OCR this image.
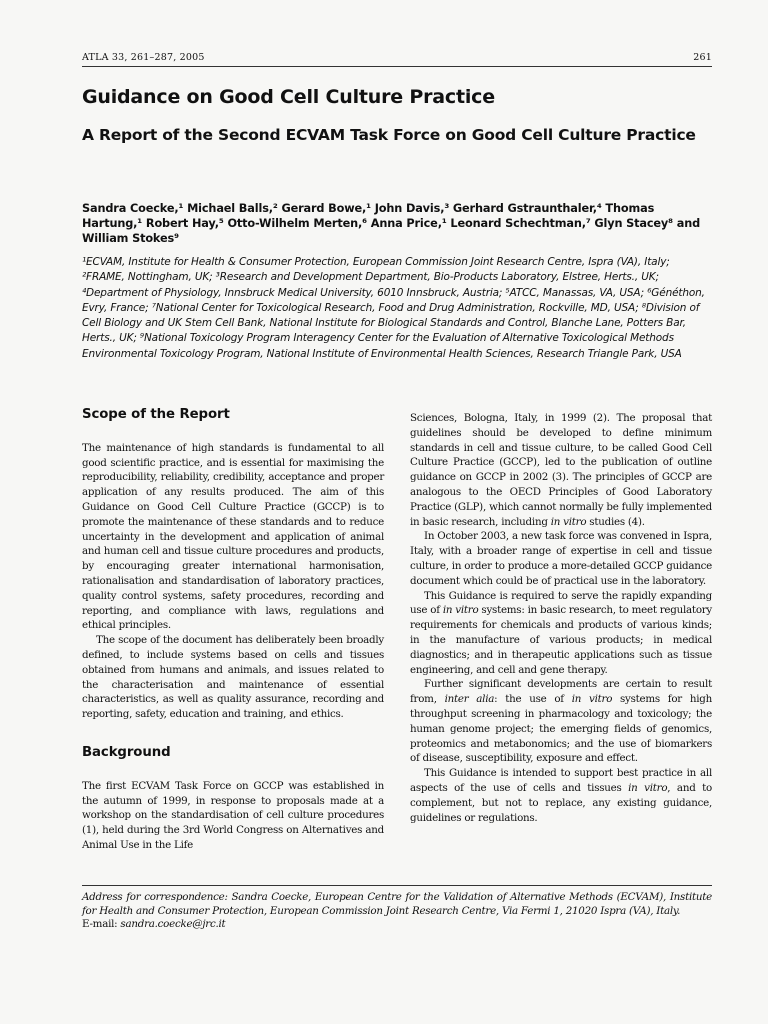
ATLA 33, 261–287, 2005	261
Guidance on Good Cell Culture Practice
A Report of the Second ECVAM Task Force on Good Cell Culture Practice

Sandra Coecke,¹ Michael Balls,² Gerard Bowe,¹ John Davis,³ Gerhard Gstraunthaler,⁴ Thomas Hartung,¹ Robert Hay,⁵ Otto-Wilhelm Merten,⁶ Anna Price,¹ Leonard Schechtman,⁷ Glyn Stacey⁸ and William Stokes⁹

¹ECVAM, Institute for Health & Consumer Protection, European Commission Joint Research Centre, Ispra (VA), Italy; ²FRAME, Nottingham, UK; ³Research and Development Department, Bio-Products Laboratory, Elstree, Herts., UK; ⁴Department of Physiology, Innsbruck Medical University, 6010 Innsbruck, Austria; ⁵ATCC, Manassas, VA, USA; ⁶Généthon, Evry, France; ⁷National Center for Toxicological Research, Food and Drug Administration, Rockville, MD, USA; ⁸Division of Cell Biology and UK Stem Cell Bank, National Institute for Biological Standards and Control, Blanche Lane, Potters Bar, Herts., UK; ⁹National Toxicology Program Interagency Center for the Evaluation of Alternative Toxicological Methods Environmental Toxicology Program, National Institute of Environmental Health Sciences, Research Triangle Park, USA

Scope of the Report

The maintenance of high standards is fundamental to all good scientific practice, and is essential for maximising the reproducibility, reliability, credibility, acceptance and proper application of any results produced. The aim of this Guidance on Good Cell Culture Practice (GCCP) is to promote the maintenance of these standards and to reduce uncertainty in the development and application of animal and human cell and tissue culture procedures and products, by encouraging greater international harmonisation, rationalisation and standardisation of laboratory practices, quality control systems, safety procedures, recording and reporting, and compliance with laws, regulations and ethical principles.

The scope of the document has deliberately been broadly defined, to include systems based on cells and tissues obtained from humans and animals, and issues related to the characterisation and maintenance of essential characteristics, as well as quality assurance, recording and reporting, safety, education and training, and ethics.

Background

The first ECVAM Task Force on GCCP was established in the autumn of 1999, in response to proposals made at a workshop on the standardisation of cell culture procedures (1), held during the 3rd World Congress on Alternatives and Animal Use in the Life

Sciences, Bologna, Italy, in 1999 (2). The proposal that guidelines should be developed to define minimum standards in cell and tissue culture, to be called Good Cell Culture Practice (GCCP), led to the publication of outline guidance on GCCP in 2002 (3). The principles of GCCP are analogous to the OECD Principles of Good Laboratory Practice (GLP), which cannot normally be fully implemented in basic research, including in vitro studies (4).

In October 2003, a new task force was convened in Ispra, Italy, with a broader range of expertise in cell and tissue culture, in order to produce a more-detailed GCCP guidance document which could be of practical use in the laboratory.

This Guidance is required to serve the rapidly expanding use of in vitro systems: in basic research, to meet regulatory requirements for chemicals and products of various kinds; in the manufacture of various products; in medical diagnostics; and in therapeutic applications such as tissue engineering, and cell and gene therapy.

Further significant developments are certain to result from, inter alia: the use of in vitro systems for high throughput screening in pharmacology and toxicology; the human genome project; the emerging fields of genomics, proteomics and metabonomics; and the use of biomarkers of disease, susceptibility, exposure and effect.

This Guidance is intended to support best practice in all aspects of the use of cells and tissues in vitro, and to complement, but not to replace, any existing guidance, guidelines or regulations.

Address for correspondence: Sandra Coecke, European Centre for the Validation of Alternative Methods (ECVAM), Institute for Health and Consumer Protection, European Commission Joint Research Centre, Via Fermi 1, 21020 Ispra (VA), Italy.
E-mail: sandra.coecke@jrc.it
